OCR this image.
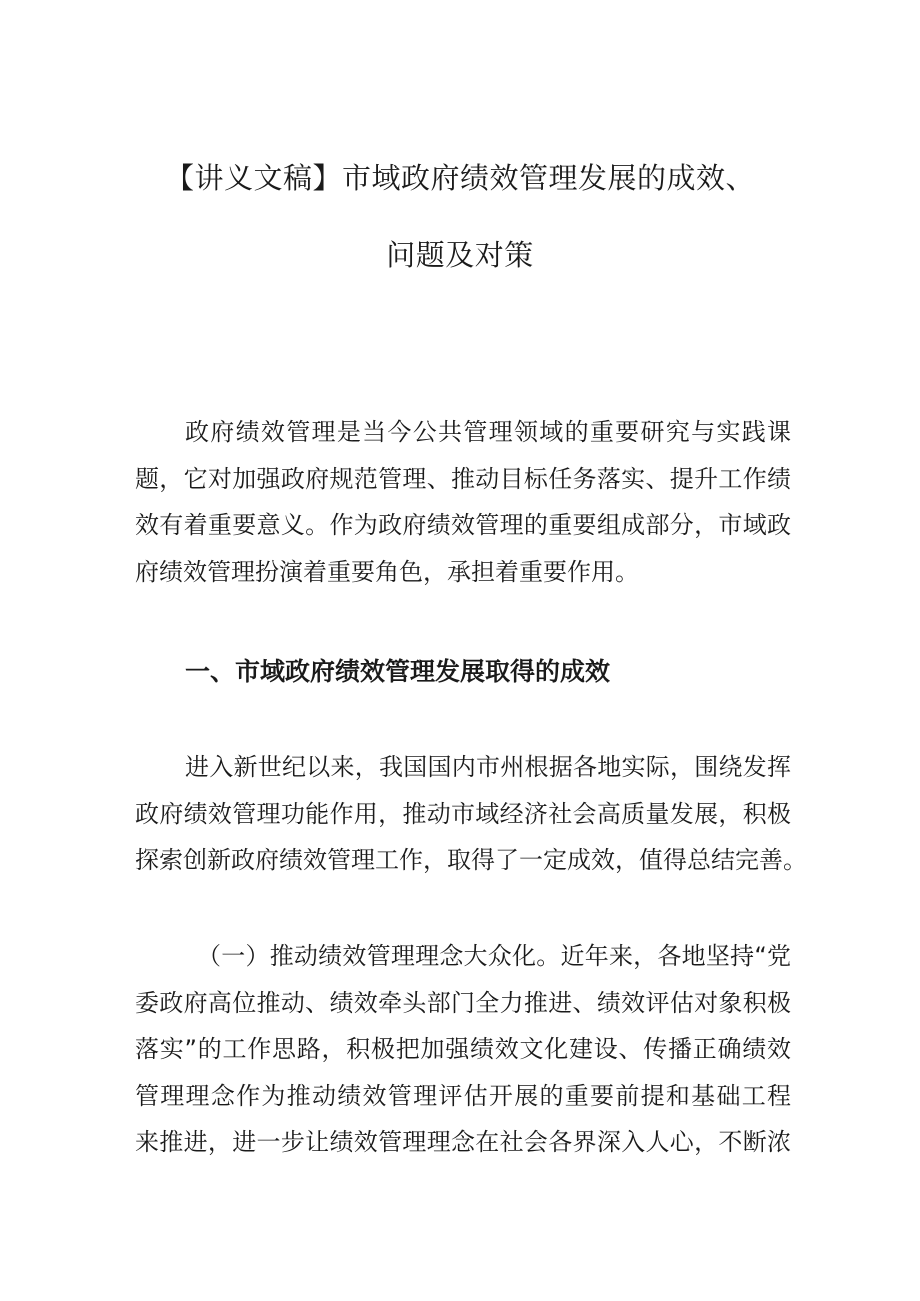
【讲义文稿】市域政府绩效管理发展的成效、
问题及对策
政府绩效管理是当今公共管理领域的重要研究与实践课
题，它对加强政府规范管理、推动目标任务落实、提升工作绩
效有着重要意义。作为政府绩效管理的重要组成部分，市域政
府绩效管理扮演着重要角色，承担着重要作用。
一、市域政府绩效管理发展取得的成效
进入新世纪以来，我国国内市州根据各地实际，围绕发挥
政府绩效管理功能作用，推动市域经济社会高质量发展，积极
探索创新政府绩效管理工作，取得了一定成效，值得总结完善。
（一）推动绩效管理理念大众化。近年来，各地坚持“党
委政府高位推动、绩效牵头部门全力推进、绩效评估对象积极
落实”的工作思路，积极把加强绩效文化建设、传播正确绩效
管理理念作为推动绩效管理评估开展的重要前提和基础工程
来推进，进一步让绩效管理理念在社会各界深入人心，不断浓
